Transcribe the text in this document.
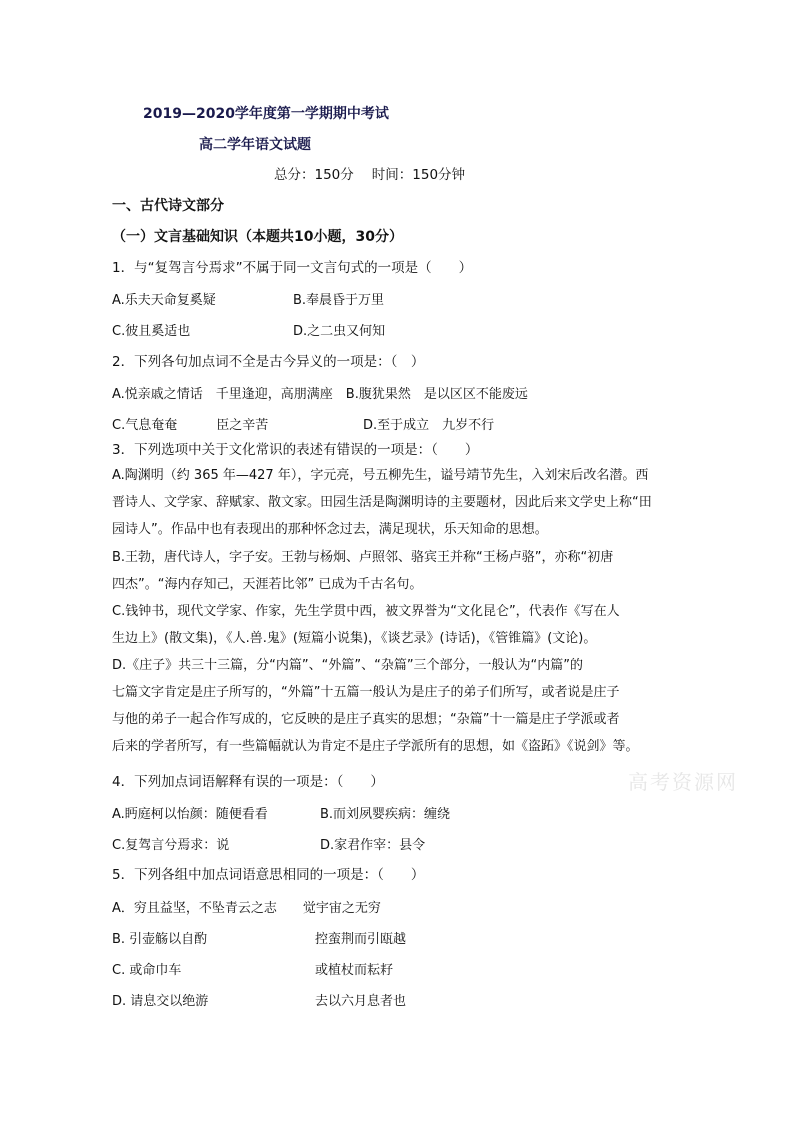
2019—2020学年度第一学期期中考试
高二学年语文试题
总分：150分 时间：150分钟
一、古代诗文部分
（一）文言基础知识（本题共10小题，30分）
1．与“复驾言兮焉求”不属于同一文言句式的一项是（　　）
A.乐夫天命复奚疑	B.奉晨昏于万里
C.彼且奚适也	D.之二虫又何知
2．下列各句加点词不全是古今异义的一项是：（　）
A.悦亲戚之情话　千里逢迎，高朋满座　B.腹犹果然　是以区区不能废远
C.气息奄奄　　　臣之辛苦	D.至于成立　九岁不行
3．下列选项中关于文化常识的表述有错误的一项是：（　　）
A.陶渊明（约 365 年—427 年），字元亮，号五柳先生，谥号靖节先生，入刘宋后改名潜。西
晋诗人、文学家、辞赋家、散文家。田园生活是陶渊明诗的主要题材，因此后来文学史上称“田
园诗人”。作品中也有表现出的那种怀念过去，满足现状，乐天知命的思想。
B.王勃，唐代诗人，字子安。王勃与杨炯、卢照邻、骆宾王并称“王杨卢骆”，亦称“初唐
四杰”。“海内存知己，天涯若比邻” 已成为千古名句。
C.钱钟书，现代文学家、作家，先生学贯中西，被文界誉为“文化昆仑”，代表作《写在人
生边上》(散文集)，《人.兽.鬼》(短篇小说集)，《谈艺录》(诗话)，《管锥篇》(文论)。
D.《庄子》共三十三篇，分“内篇”、“外篇”、“杂篇”三个部分，一般认为“内篇”的
七篇文字肯定是庄子所写的，“外篇”十五篇一般认为是庄子的弟子们所写，或者说是庄子
与他的弟子一起合作写成的，它反映的是庄子真实的思想；“杂篇”十一篇是庄子学派或者
后来的学者所写，有一些篇幅就认为肯定不是庄子学派所有的思想，如《盗跖》《说剑》等。
4．下列加点词语解释有误的一项是：（　　）
A.眄庭柯以怡颜：随便看看	B.而刘夙婴疾病：缠绕
C.复驾言兮焉求：说	D.家君作宰：县令
5．下列各组中加点词语意思相同的一项是：（　　）
A．穷且益坚，不坠青云之志　　觉宇宙之无穷
B. 引壶觞以自酌	控蛮荆而引瓯越
C. 或命巾车	或植杖而耘耔
D. 请息交以绝游	去以六月息者也
高考资源网
